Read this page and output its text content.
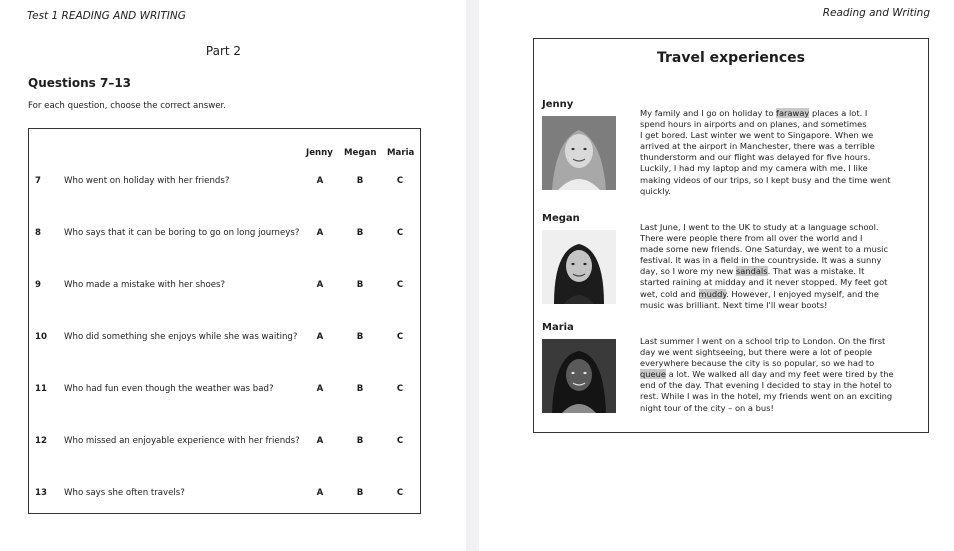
Test 1 READING AND WRITING
Part 2
Questions 7–13
For each question, choose the correct answer.
Jenny Megan Maria
7	Who went on holiday with her friends?	A	B	C
8	Who says that it can be boring to go on long journeys?	A	B	C
9	Who made a mistake with her shoes?	A	B	C
10 Who did something she enjoys while she was waiting?	A	B	C
11 Who had fun even though the weather was bad?	A	B	C
12 Who missed an enjoyable experience with her friends?	A	B	C
13 Who says she often travels?	A	B	C
Reading and Writing
Travel experiences
Jenny
My family and I go on holiday to faraway places a lot. I
spend hours in airports and on planes, and sometimes
I get bored. Last winter we went to Singapore. When we
arrived at the airport in Manchester, there was a terrible
thunderstorm and our flight was delayed for five hours.
Luckily, I had my laptop and my camera with me. I like
making videos of our trips, so I kept busy and the time went
quickly.
Megan
Last June, I went to the UK to study at a language school.
There were people there from all over the world and I
made some new friends. One Saturday, we went to a music
festival. It was in a field in the countryside. It was a sunny
day, so I wore my new sandals. That was a mistake. It
started raining at midday and it never stopped. My feet got
wet, cold and muddy. However, I enjoyed myself, and the
music was brilliant. Next time I'll wear boots!
Maria
Last summer I went on a school trip to London. On the first
day we went sightseeing, but there were a lot of people
everywhere because the city is so popular, so we had to
queue a lot. We walked all day and my feet were tired by the
end of the day. That evening I decided to stay in the hotel to
rest. While I was in the hotel, my friends went on an exciting
night tour of the city – on a bus!
